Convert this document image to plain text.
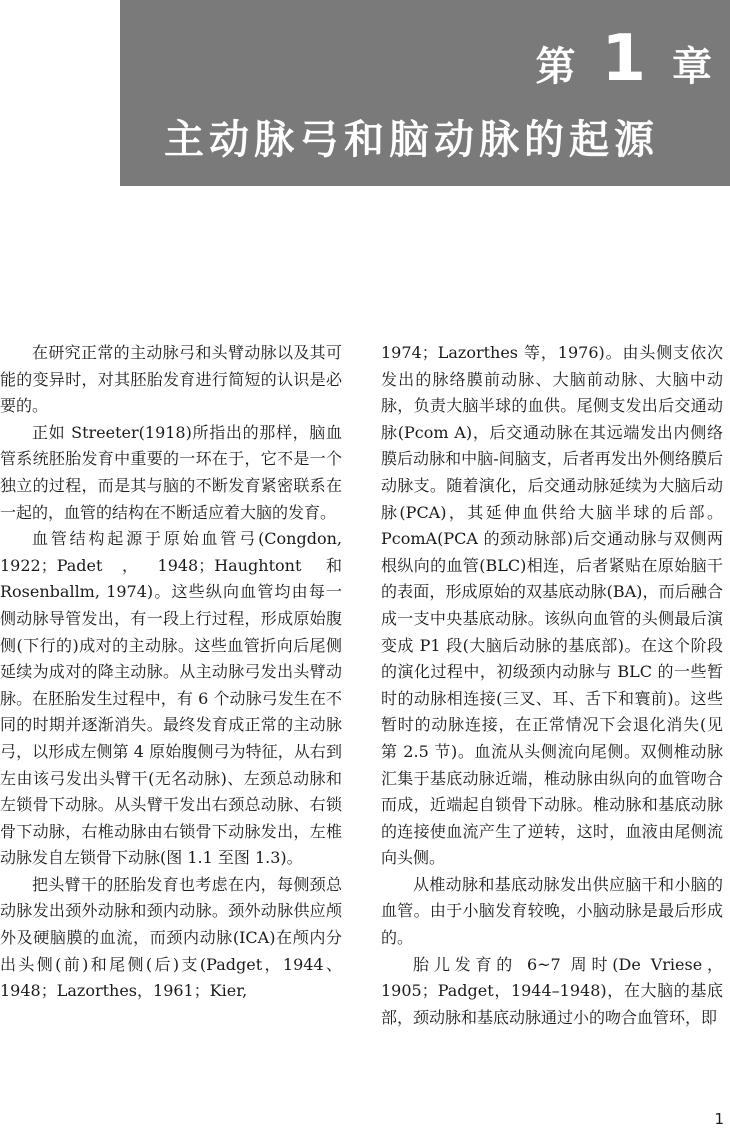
第 1 章
主动脉弓和脑动脉的起源

在研究正常的主动脉弓和头臂动脉以及其可能的变异时，对其胚胎发育进行简短的认识是必要的。

正如 Streeter(1918)所指出的那样，脑血管系统胚胎发育中重要的一环在于，它不是一个独立的过程，而是其与脑的不断发育紧密联系在一起的，血管的结构在不断适应着大脑的发育。

血管结构起源于原始血管弓(Congdon, 1922；Padet，1948；Haughtont 和 Rosenballm, 1974)。这些纵向血管均由每一侧动脉导管发出，有一段上行过程，形成原始腹侧(下行的)成对的主动脉。这些血管折向后尾侧延续为成对的降主动脉。从主动脉弓发出头臂动脉。在胚胎发生过程中，有 6 个动脉弓发生在不同的时期并逐渐消失。最终发育成正常的主动脉弓，以形成左侧第 4 原始腹侧弓为特征，从右到左由该弓发出头臂干(无名动脉)、左颈总动脉和左锁骨下动脉。从头臂干发出右颈总动脉、右锁骨下动脉，右椎动脉由右锁骨下动脉发出，左椎动脉发自左锁骨下动脉(图 1.1 至图 1.3)。

把头臂干的胚胎发育也考虑在内，每侧颈总动脉发出颈外动脉和颈内动脉。颈外动脉供应颅外及硬脑膜的血流，而颈内动脉(ICA)在颅内分出头侧(前)和尾侧(后)支(Padget，1944、1948；Lazorthes，1961；Kier,

1974；Lazorthes 等，1976)。由头侧支依次发出的脉络膜前动脉、大脑前动脉、大脑中动脉，负责大脑半球的血供。尾侧支发出后交通动脉(Pcom A)，后交通动脉在其远端发出内侧络膜后动脉和中脑-间脑支，后者再发出外侧络膜后动脉支。随着演化，后交通动脉延续为大脑后动脉(PCA)，其延伸血供给大脑半球的后部。PcomA(PCA 的颈动脉部)后交通动脉与双侧两根纵向的血管(BLC)相连，后者紧贴在原始脑干的表面，形成原始的双基底动脉(BA)，而后融合成一支中央基底动脉。该纵向血管的头侧最后演变成 P1 段(大脑后动脉的基底部)。在这个阶段的演化过程中，初级颈内动脉与 BLC 的一些暂时的动脉相连接(三叉、耳、舌下和寰前)。这些暂时的动脉连接，在正常情况下会退化消失(见第 2.5 节)。血流从头侧流向尾侧。双侧椎动脉汇集于基底动脉近端，椎动脉由纵向的血管吻合而成，近端起自锁骨下动脉。椎动脉和基底动脉的连接使血流产生了逆转，这时，血液由尾侧流向头侧。

从椎动脉和基底动脉发出供应脑干和小脑的血管。由于小脑发育较晚，小脑动脉是最后形成的。

胎儿发育的 6~7 周时(De Vriese，1905；Padget，1944–1948)，在大脑的基底部，颈动脉和基底动脉通过小的吻合血管环，即

1
